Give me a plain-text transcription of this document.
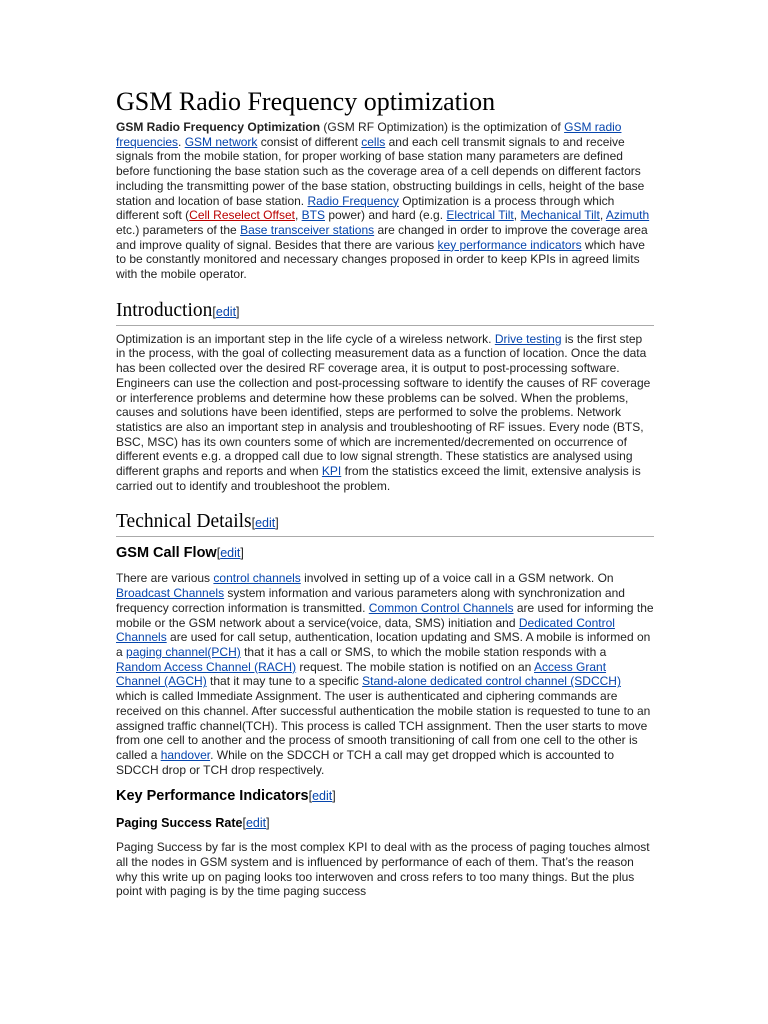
GSM Radio Frequency optimization

GSM Radio Frequency Optimization (GSM RF Optimization) is the optimization of GSM radio frequencies. GSM network consist of different cells and each cell transmit signals to and receive signals from the mobile station, for proper working of base station many parameters are defined before functioning the base station such as the coverage area of a cell depends on different factors including the transmitting power of the base station, obstructing buildings in cells, height of the base station and location of base station. Radio Frequency Optimization is a process through which different soft (Cell Reselect Offset, BTS power) and hard (e.g. Electrical Tilt, Mechanical Tilt, Azimuth etc.) parameters of the Base transceiver stations are changed in order to improve the coverage area and improve quality of signal. Besides that there are various key performance indicators which have to be constantly monitored and necessary changes proposed in order to keep KPIs in agreed limits with the mobile operator.

Introduction[edit]

Optimization is an important step in the life cycle of a wireless network. Drive testing is the first step in the process, with the goal of collecting measurement data as a function of location. Once the data has been collected over the desired RF coverage area, it is output to post-processing software. Engineers can use the collection and post-processing software to identify the causes of RF coverage or interference problems and determine how these problems can be solved. When the problems, causes and solutions have been identified, steps are performed to solve the problems. Network statistics are also an important step in analysis and troubleshooting of RF issues. Every node (BTS, BSC, MSC) has its own counters some of which are incremented/decremented on occurrence of different events e.g. a dropped call due to low signal strength. These statistics are analysed using different graphs and reports and when KPI from the statistics exceed the limit, extensive analysis is carried out to identify and troubleshoot the problem.

Technical Details[edit]
GSM Call Flow[edit]

There are various control channels involved in setting up of a voice call in a GSM network. On Broadcast Channels system information and various parameters along with synchronization and frequency correction information is transmitted. Common Control Channels are used for informing the mobile or the GSM network about a service(voice, data, SMS) initiation and Dedicated Control Channels are used for call setup, authentication, location updating and SMS. A mobile is informed on a paging channel(PCH) that it has a call or SMS, to which the mobile station responds with a Random Access Channel (RACH) request. The mobile station is notified on an Access Grant Channel (AGCH) that it may tune to a specific Stand-alone dedicated control channel (SDCCH) which is called Immediate Assignment. The user is authenticated and ciphering commands are received on this channel. After successful authentication the mobile station is requested to tune to an assigned traffic channel(TCH). This process is called TCH assignment. Then the user starts to move from one cell to another and the process of smooth transitioning of call from one cell to the other is called a handover. While on the SDCCH or TCH a call may get dropped which is accounted to SDCCH drop or TCH drop respectively.

Key Performance Indicators[edit]
Paging Success Rate[edit]

Paging Success by far is the most complex KPI to deal with as the process of paging touches almost all the nodes in GSM system and is influenced by performance of each of them. That’s the reason why this write up on paging looks too interwoven and cross refers to too many things. But the plus point with paging is by the time paging success
